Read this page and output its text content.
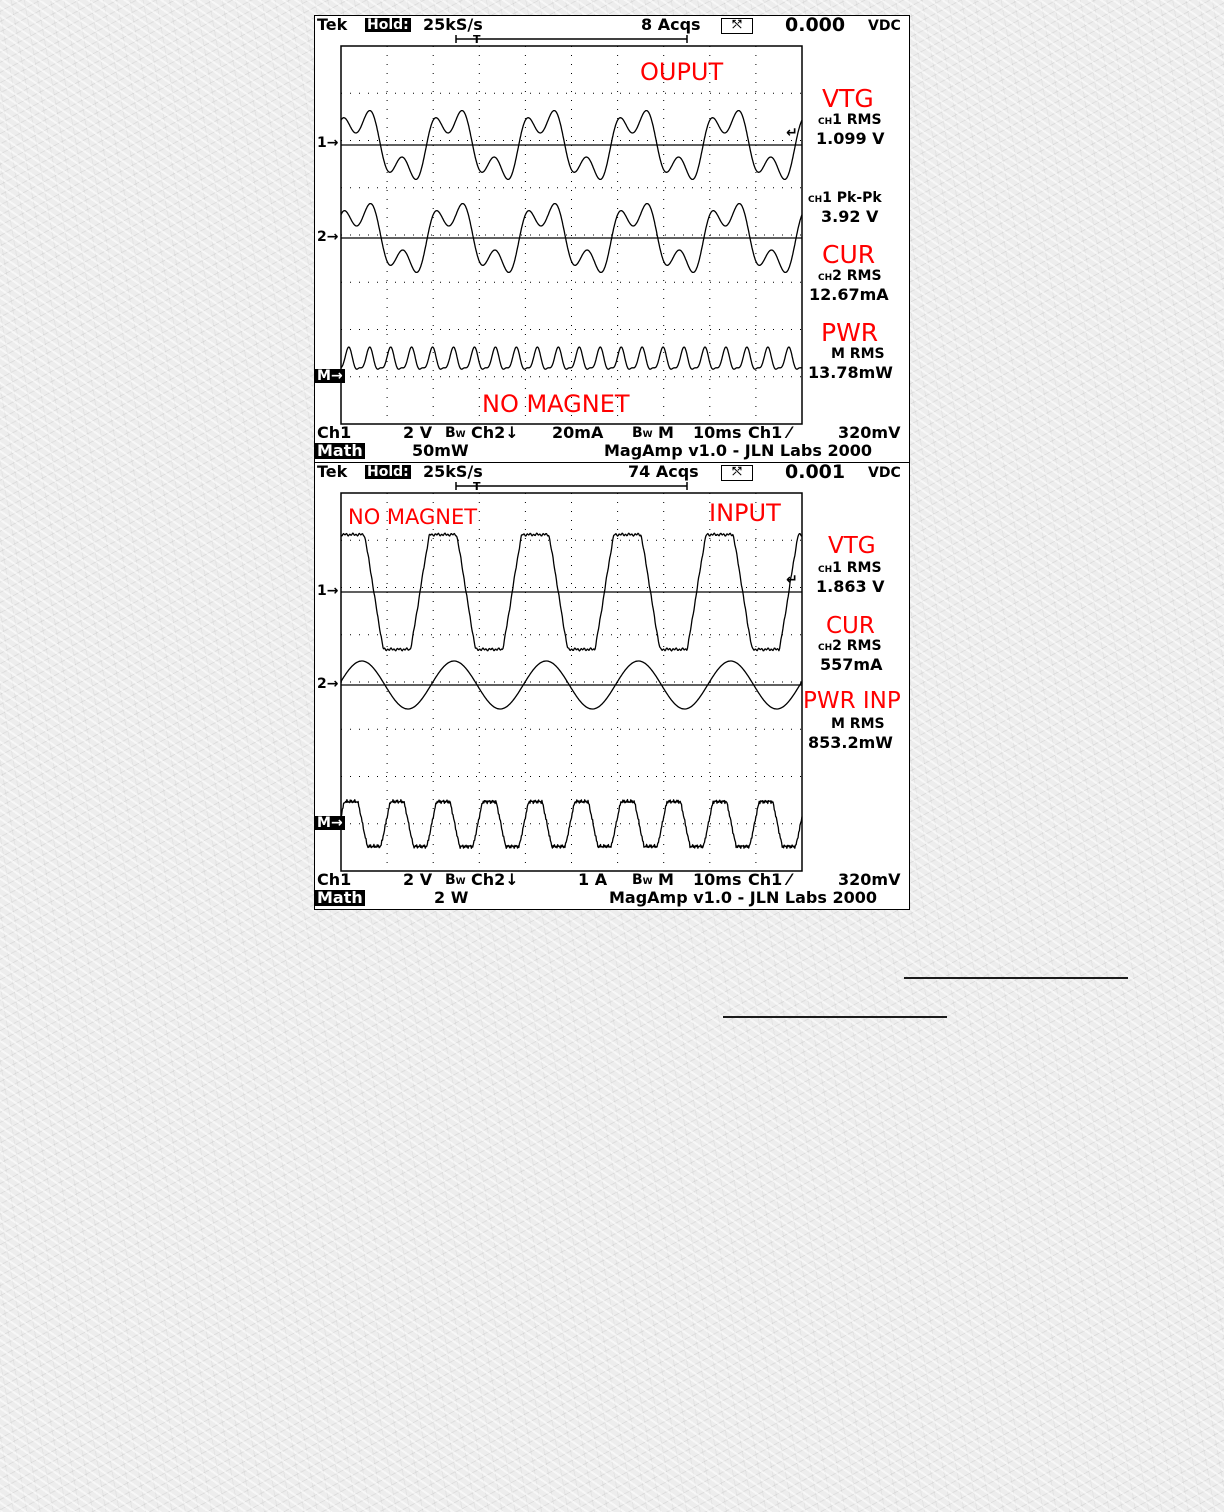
T
Tek Hold: 25kS/s	8 Acqs	⤲	0.000 VDC
OUPUT
NO MAGNET
1→
2→
M→
↵
VTG
CH1 RMS
1.099 V
CH1 Pk-Pk
3.92 V
CUR
CH2 RMS
12.67mA
PWR
M RMS
13.78mW
Ch1	2 V BW Ch2↓ 20mA BW M 10ms Ch1 ⁄	320mV
Math	50mW	MagAmp v1.0 - JLN Labs 2000
T
Tek Hold: 25kS/s	74 Acqs	⤲	0.001 VDC
NO MAGNET	INPUT
1→
2→
M→
↵
VTG
CH1 RMS
1.863 V
CUR
CH2 RMS
557mA
PWR INP
M RMS
853.2mW
Ch1	2 V BW Ch2↓	1 A BW M 10ms Ch1 ⁄	320mV
Math	2 W	MagAmp v1.0 - JLN Labs 2000
